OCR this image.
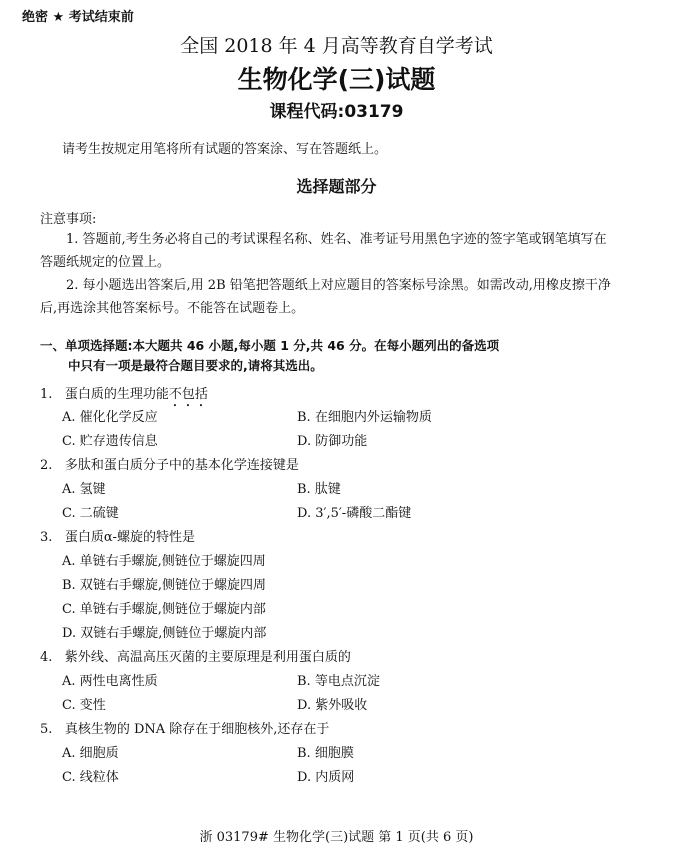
绝密 ★ 考试结束前
全国 2018 年 4 月高等教育自学考试
生物化学(三)试题
课程代码:03179
请考生按规定用笔将所有试题的答案涂、写在答题纸上。
选择题部分
注意事项:
1. 答题前,考生务必将自己的考试课程名称、姓名、准考证号用黑色字迹的签字笔或钢笔填写在答题纸规定的位置上。
2. 每小题选出答案后,用 2B 铅笔把答题纸上对应题目的答案标号涂黑。如需改动,用橡皮擦干净后,再选涂其他答案标号。不能答在试题卷上。
一、单项选择题:本大题共 46 小题,每小题 1 分,共 46 分。在每小题列出的备选项
中只有一项是最符合题目要求的,请将其选出。
1. 蛋白质的生理功能不包括
A. 催化化学反应	B. 在细胞内外运输物质
C. 贮存遗传信息	D. 防御功能
2. 多肽和蛋白质分子中的基本化学连接键是
A. 氢键	B. 肽键
C. 二硫键	D. 3′,5′-磷酸二酯键
3. 蛋白质α-螺旋的特性是
A. 单链右手螺旋,侧链位于螺旋四周
B. 双链右手螺旋,侧链位于螺旋四周
C. 单链右手螺旋,侧链位于螺旋内部
D. 双链右手螺旋,侧链位于螺旋内部
4. 紫外线、高温高压灭菌的主要原理是利用蛋白质的
A. 两性电离性质	B. 等电点沉淀
C. 变性	D. 紫外吸收
5. 真核生物的 DNA 除存在于细胞核外,还存在于
A. 细胞质	B. 细胞膜
C. 线粒体	D. 内质网
浙 03179# 生物化学(三)试题 第 1 页(共 6 页)
